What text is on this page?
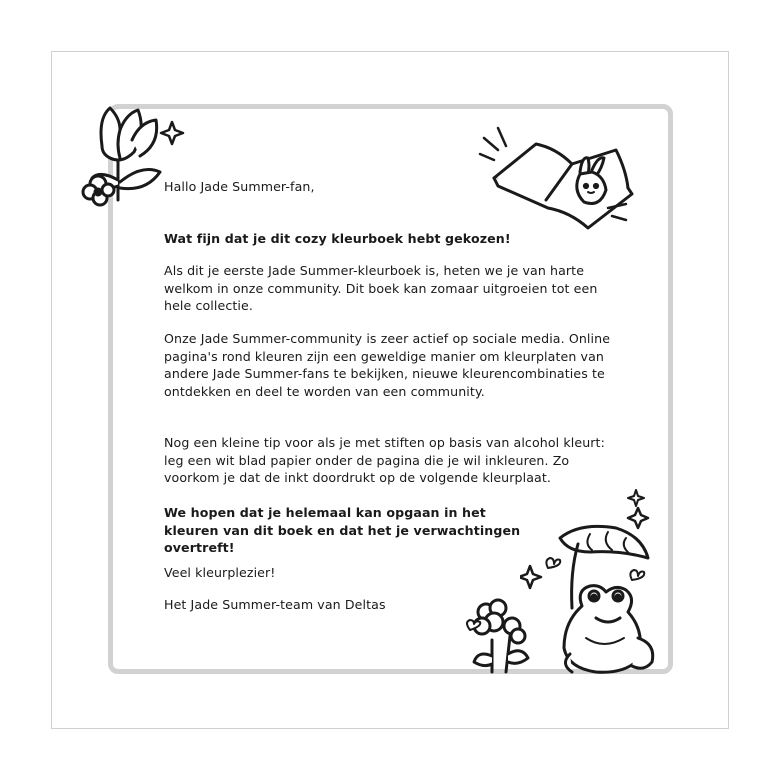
Hallo Jade Summer-fan,

Wat fijn dat je dit cozy kleurboek hebt gekozen!

Als dit je eerste Jade Summer-kleurboek is, heten we je van harte welkom in onze community. Dit boek kan zomaar uitgroeien tot een hele collectie.

Onze Jade Summer-community is zeer actief op sociale media. Online pagina's rond kleuren zijn een geweldige manier om kleurplaten van andere Jade Summer-fans te bekijken, nieuwe kleurencombinaties te ontdekken en deel te worden van een community.

Nog een kleine tip voor als je met stiften op basis van alcohol kleurt: leg een wit blad papier onder de pagina die je wil inkleuren. Zo voorkom je dat de inkt doordrukt op de volgende kleurplaat.

We hopen dat je helemaal kan opgaan in het kleuren van dit boek en dat het je verwachtingen overtreft!

Veel kleurplezier!

Het Jade Summer-team van Deltas
